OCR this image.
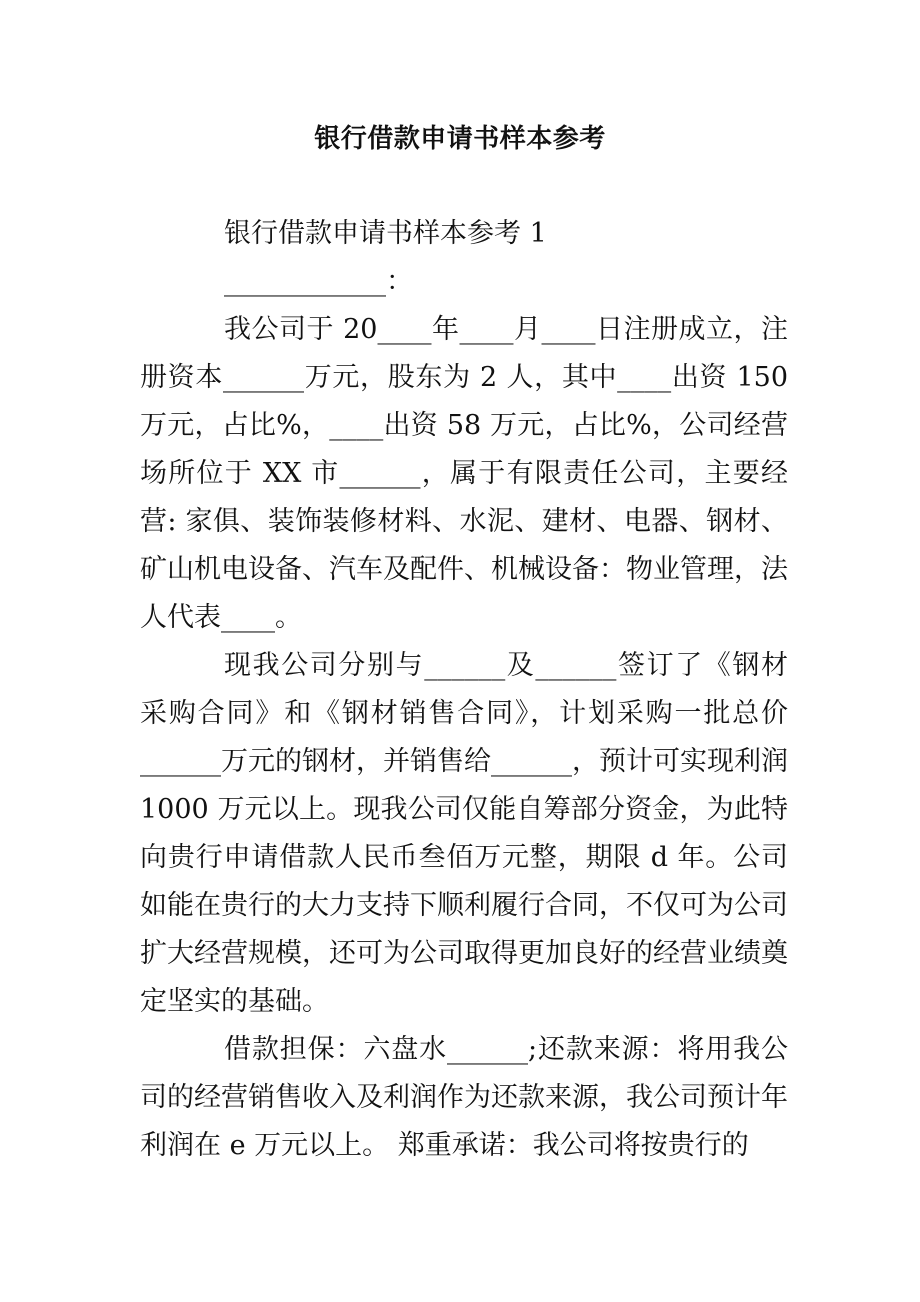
银行借款申请书样本参考
银行借款申请书样本参考 1
____________：
我公司于 20____年____月____日注册成立，注册资本______万元，股东为 2 人，其中____出资 150 万元，占比%，____出资 58 万元，占比%，公司经营场所位于 XX 市______，属于有限责任公司，主要经营: 家俱、装饰装修材料、水泥、建材、电器、钢材、矿山机电设备、汽车及配件、机械设备：物业管理，法人代表____。
现我公司分别与______及______签订了《钢材采购合同》和《钢材销售合同》，计划采购一批总价______万元的钢材，并销售给______，预计可实现利润 1000 万元以上。现我公司仅能自筹部分资金，为此特向贵行申请借款人民币叁佰万元整，期限 d 年。公司如能在贵行的大力支持下顺利履行合同，不仅可为公司扩大经营规模，还可为公司取得更加良好的经营业绩奠定坚实的基础。
借款担保：六盘水______;还款来源：将用我公司的经营销售收入及利润作为还款来源，我公司预计年利润在 e 万元以上。 郑重承诺：我公司将按贵行的
